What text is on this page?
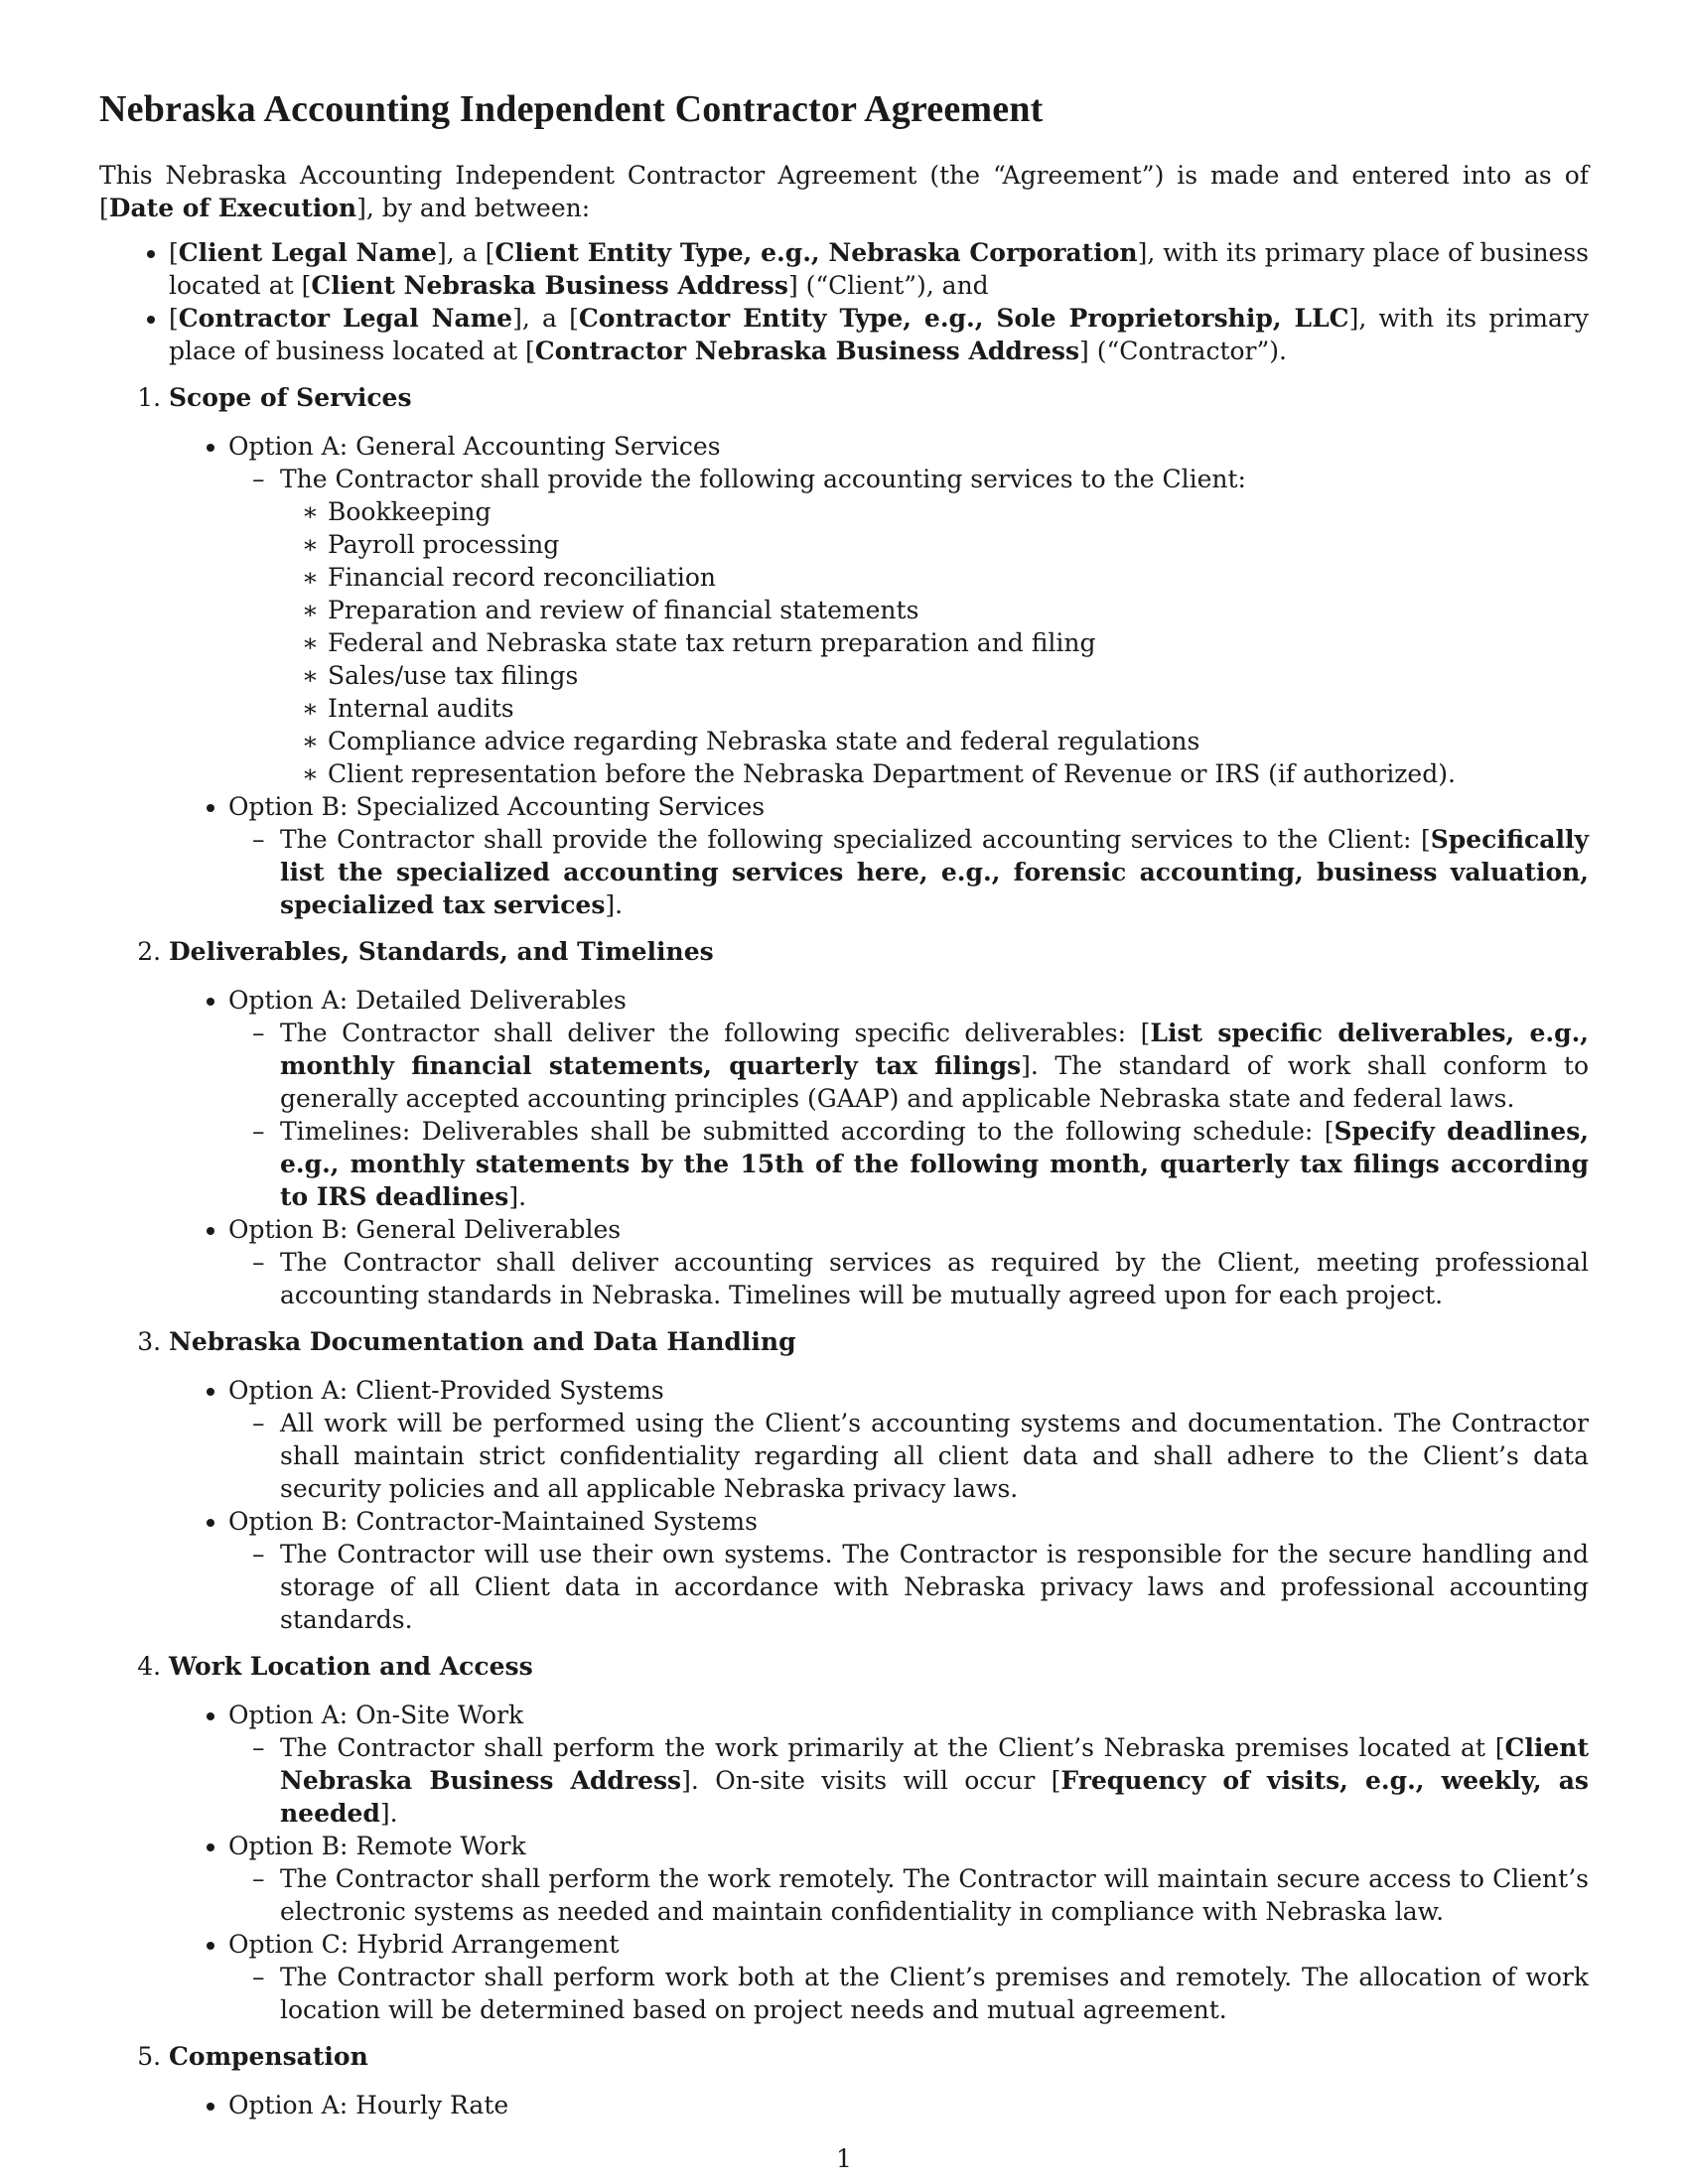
Nebraska Accounting Independent Contractor Agreement

This Nebraska Accounting Independent Contractor Agreement (the “Agreement”) is made and entered into as of [Date of Execution], by and between:

• [Client Legal Name], a [Client Entity Type, e.g., Nebraska Corporation], with its primary place of business located at [Client Nebraska Business Address] (“Client”), and
• [Contractor Legal Name], a [Contractor Entity Type, e.g., Sole Proprietorship, LLC], with its primary place of business located at [Contractor Nebraska Business Address] (“Contractor”).
1. Scope of Services
• Option A: General Accounting Services
– The Contractor shall provide the following accounting services to the Client:
∗ Bookkeeping
∗ Payroll processing
∗ Financial record reconciliation
∗ Preparation and review of financial statements
∗ Federal and Nebraska state tax return preparation and filing
∗ Sales/use tax filings
∗ Internal audits
∗ Compliance advice regarding Nebraska state and federal regulations
∗ Client representation before the Nebraska Department of Revenue or IRS (if authorized).
• Option B: Specialized Accounting Services
– The Contractor shall provide the following specialized accounting services to the Client: [Specifically list the specialized accounting services here, e.g., forensic accounting, business valuation, specialized tax services].
2. Deliverables, Standards, and Timelines
• Option A: Detailed Deliverables
– The Contractor shall deliver the following specific deliverables: [List specific deliverables, e.g., monthly financial statements, quarterly tax filings]. The standard of work shall conform to generally accepted accounting principles (GAAP) and applicable Nebraska state and federal laws.
– Timelines: Deliverables shall be submitted according to the following schedule: [Specify deadlines, e.g., monthly statements by the 15th of the following month, quarterly tax filings according to IRS deadlines].
• Option B: General Deliverables
– The Contractor shall deliver accounting services as required by the Client, meeting professional accounting standards in Nebraska. Timelines will be mutually agreed upon for each project.
3. Nebraska Documentation and Data Handling
• Option A: Client-Provided Systems
– All work will be performed using the Client’s accounting systems and documentation. The Contractor shall maintain strict confidentiality regarding all client data and shall adhere to the Client’s data security policies and all applicable Nebraska privacy laws.
• Option B: Contractor-Maintained Systems
– The Contractor will use their own systems. The Contractor is responsible for the secure handling and storage of all Client data in accordance with Nebraska privacy laws and professional accounting standards.
4. Work Location and Access
• Option A: On-Site Work
– The Contractor shall perform the work primarily at the Client’s Nebraska premises located at [Client Nebraska Business Address]. On-site visits will occur [Frequency of visits, e.g., weekly, as needed].
• Option B: Remote Work
– The Contractor shall perform the work remotely. The Contractor will maintain secure access to Client’s electronic systems as needed and maintain confidentiality in compliance with Nebraska law.
• Option C: Hybrid Arrangement
– The Contractor shall perform work both at the Client’s premises and remotely. The allocation of work location will be determined based on project needs and mutual agreement.
5. Compensation
• Option A: Hourly Rate
1
